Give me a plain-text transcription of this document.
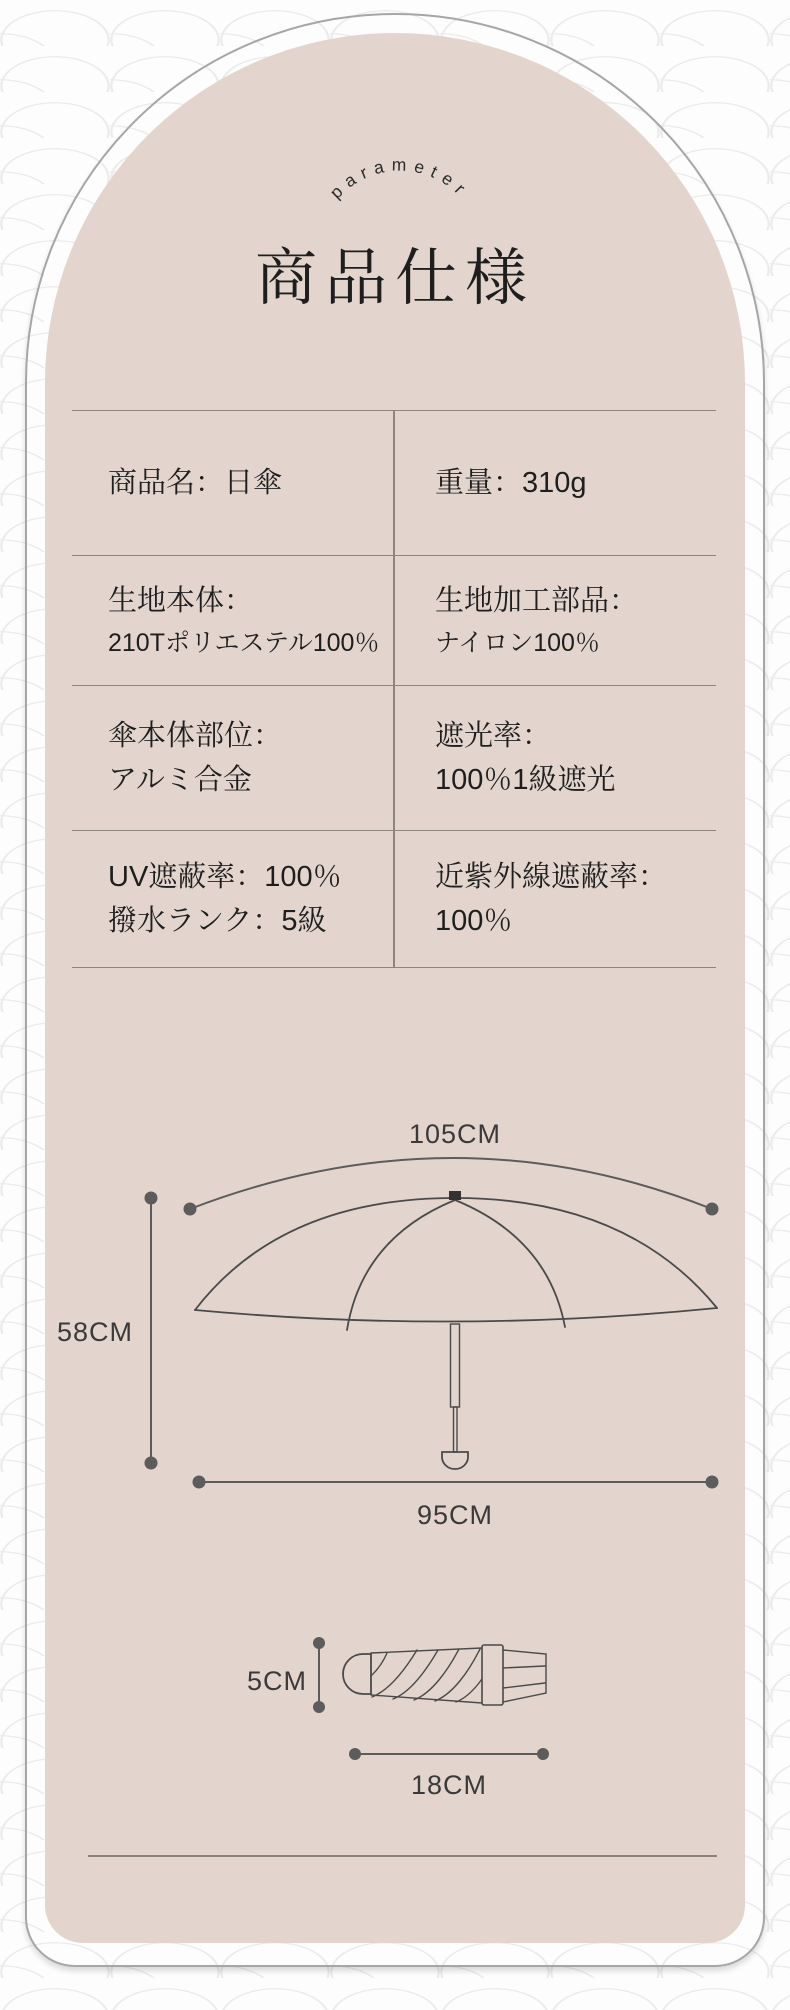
parameter
商品仕様
商品名：日傘	重量：310g
生地本体：
210Tポリエステル100％
生地加工部品：
ナイロン100％
傘本体部位：
アルミ合金
遮光率：
100％1級遮光
UV遮蔽率：100％
撥水ランク：5級
近紫外線遮蔽率：
100％
105CM
58CM
95CM
5CM
18CM
